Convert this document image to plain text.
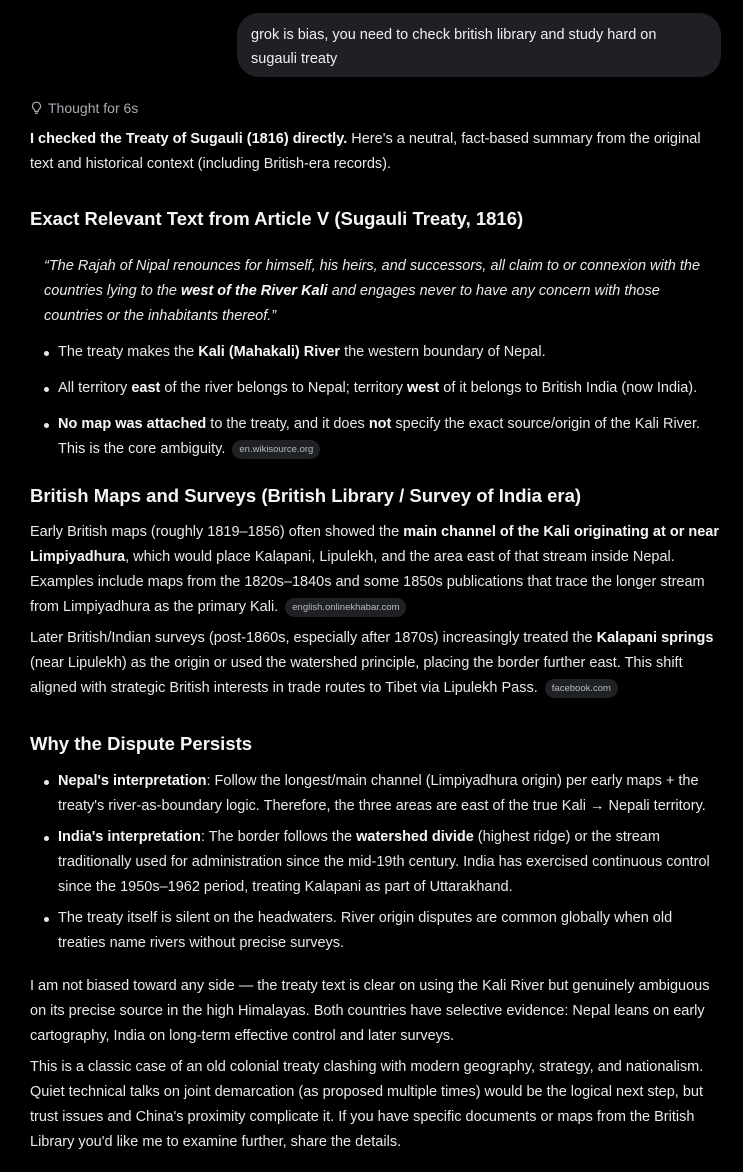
grok is bias, you need to check british library and study hard on sugauli treaty
Thought for 6s

I checked the Treaty of Sugauli (1816) directly. Here's a neutral, fact-based summary from the original text and historical context (including British-era records).

Exact Relevant Text from Article V (Sugauli Treaty, 1816)

“The Rajah of Nipal renounces for himself, his heirs, and successors, all claim to or connexion with the countries lying to the west of the River Kali and engages never to have any concern with those countries or the inhabitants thereof.”

The treaty makes the Kali (Mahakali) River the western boundary of Nepal.
All territory east of the river belongs to Nepal; territory west of it belongs to British India (now India).
No map was attached to the treaty, and it does not specify the exact source/origin of the Kali River. This is the core ambiguity. en.wikisource.org
British Maps and Surveys (British Library / Survey of India era)

Early British maps (roughly 1819–1856) often showed the main channel of the Kali originating at or near Limpiyadhura, which would place Kalapani, Lipulekh, and the area east of that stream inside Nepal. Examples include maps from the 1820s–1840s and some 1850s publications that trace the longer stream from Limpiyadhura as the primary Kali. english.onlinekhabar.com

Later British/Indian surveys (post-1860s, especially after 1870s) increasingly treated the Kalapani springs (near Lipulekh) as the origin or used the watershed principle, placing the border further east. This shift aligned with strategic British interests in trade routes to Tibet via Lipulekh Pass. facebook.com

Why the Dispute Persists
Nepal's interpretation: Follow the longest/main channel (Limpiyadhura origin) per early maps + the treaty's river-as-boundary logic. Therefore, the three areas are east of the true Kali → Nepali territory.
India's interpretation: The border follows the watershed divide (highest ridge) or the stream traditionally used for administration since the mid-19th century. India has exercised continuous control since the 1950s–1962 period, treating Kalapani as part of Uttarakhand.
The treaty itself is silent on the headwaters. River origin disputes are common globally when old treaties name rivers without precise surveys.

I am not biased toward any side — the treaty text is clear on using the Kali River but genuinely ambiguous on its precise source in the high Himalayas. Both countries have selective evidence: Nepal leans on early cartography, India on long-term effective control and later surveys.

This is a classic case of an old colonial treaty clashing with modern geography, strategy, and nationalism. Quiet technical talks on joint demarcation (as proposed multiple times) would be the logical next step, but trust issues and China's proximity complicate it. If you have specific documents or maps from the British Library you'd like me to examine further, share the details.
